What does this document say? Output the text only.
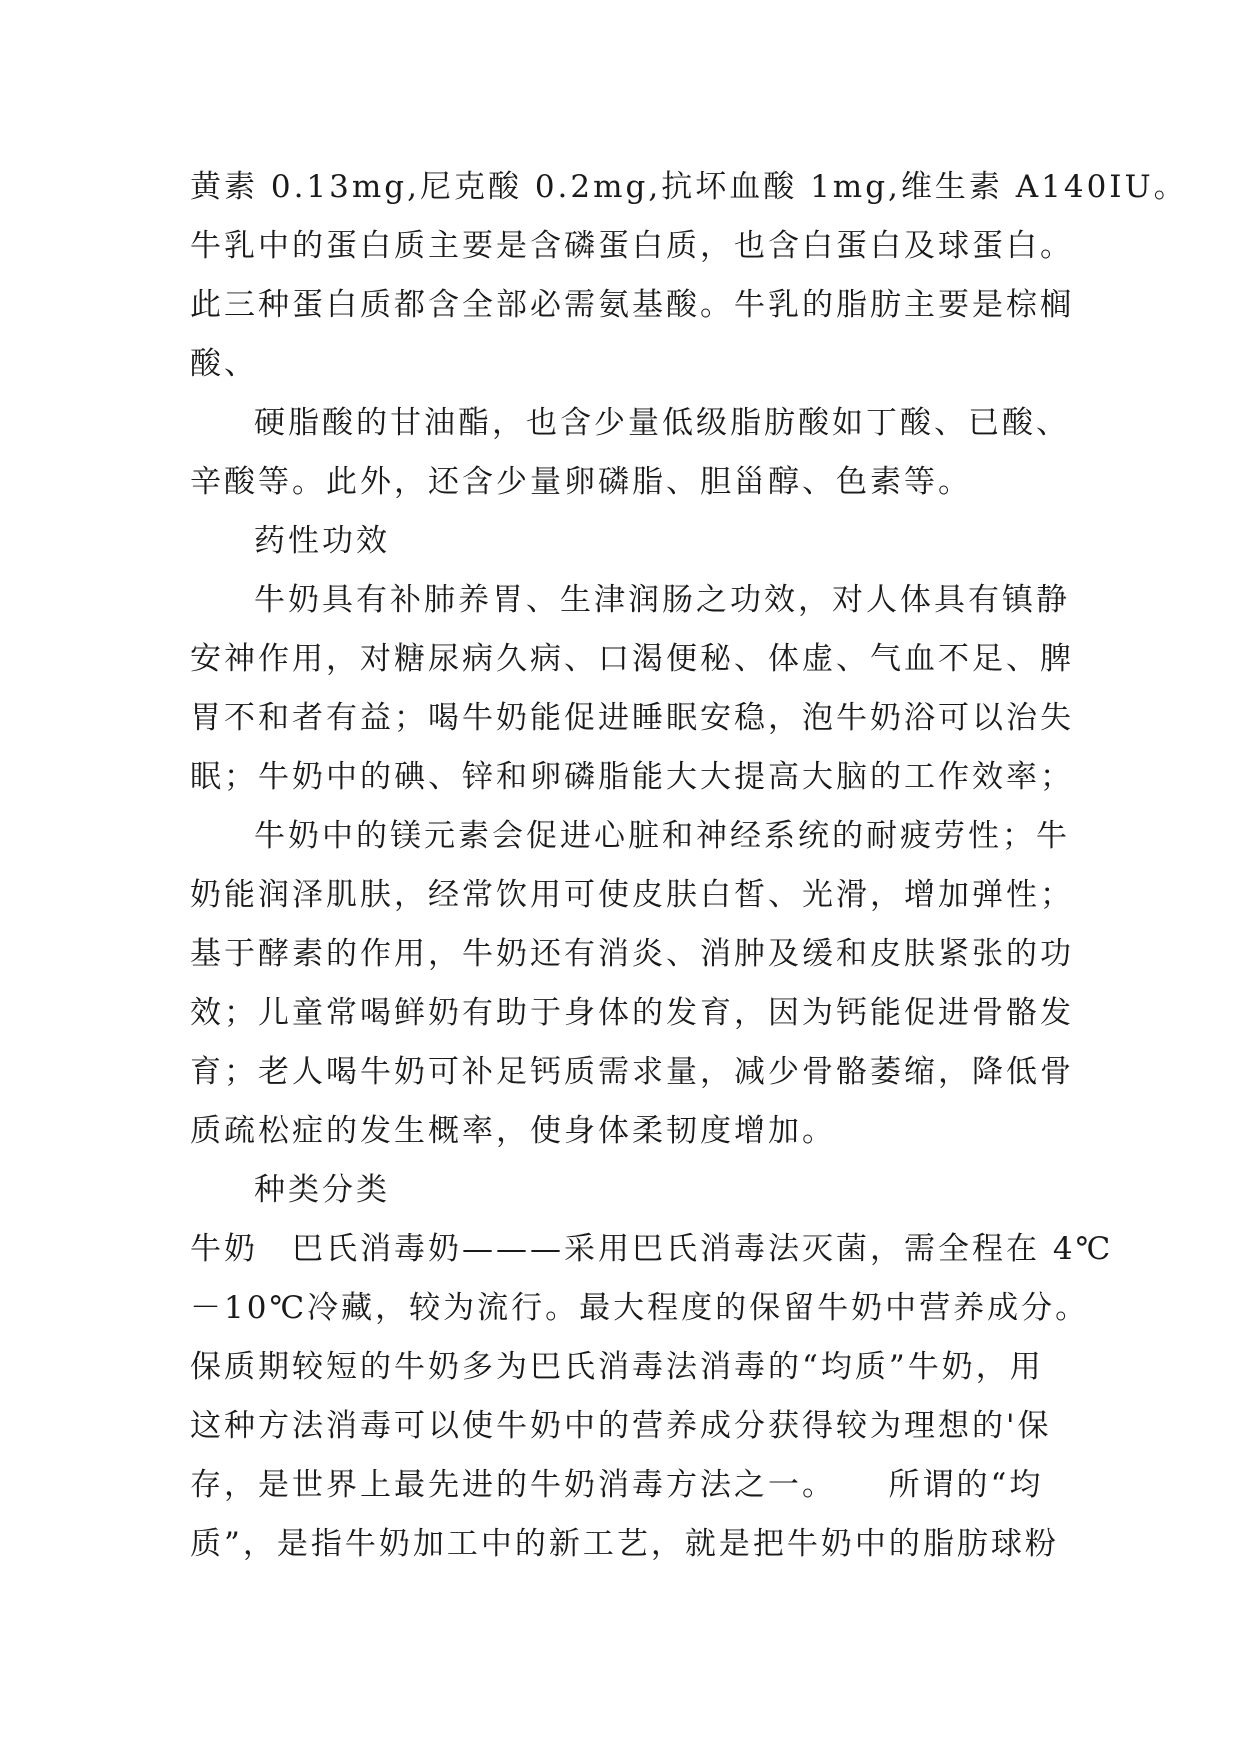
黄素 0.13mg,尼克酸 0.2mg,抗坏血酸 1mg,维生素 A140IU。
牛乳中的蛋白质主要是含磷蛋白质，也含白蛋白及球蛋白。
此三种蛋白质都含全部必需氨基酸。牛乳的脂肪主要是棕榈
酸、
硬脂酸的甘油酯，也含少量低级脂肪酸如丁酸、已酸、
辛酸等。此外，还含少量卵磷脂、胆甾醇、色素等。
药性功效
牛奶具有补肺养胃、生津润肠之功效，对人体具有镇静
安神作用，对糖尿病久病、口渴便秘、体虚、气血不足、脾
胃不和者有益；喝牛奶能促进睡眠安稳，泡牛奶浴可以治失
眠；牛奶中的碘、锌和卵磷脂能大大提高大脑的工作效率；
牛奶中的镁元素会促进心脏和神经系统的耐疲劳性；牛
奶能润泽肌肤，经常饮用可使皮肤白皙、光滑，增加弹性；
基于酵素的作用，牛奶还有消炎、消肿及缓和皮肤紧张的功
效；儿童常喝鲜奶有助于身体的发育，因为钙能促进骨骼发
育；老人喝牛奶可补足钙质需求量，减少骨骼萎缩，降低骨
质疏松症的发生概率，使身体柔韧度增加。
种类分类
牛奶　巴氏消毒奶———采用巴氏消毒法灭菌，需全程在 4℃
－10℃冷藏，较为流行。最大程度的保留牛奶中营养成分。
保质期较短的牛奶多为巴氏消毒法消毒的“均质”牛奶，用
这种方法消毒可以使牛奶中的营养成分获得较为理想的'保
存，是世界上最先进的牛奶消毒方法之一。　　所谓的“均
质”，是指牛奶加工中的新工艺，就是把牛奶中的脂肪球粉
